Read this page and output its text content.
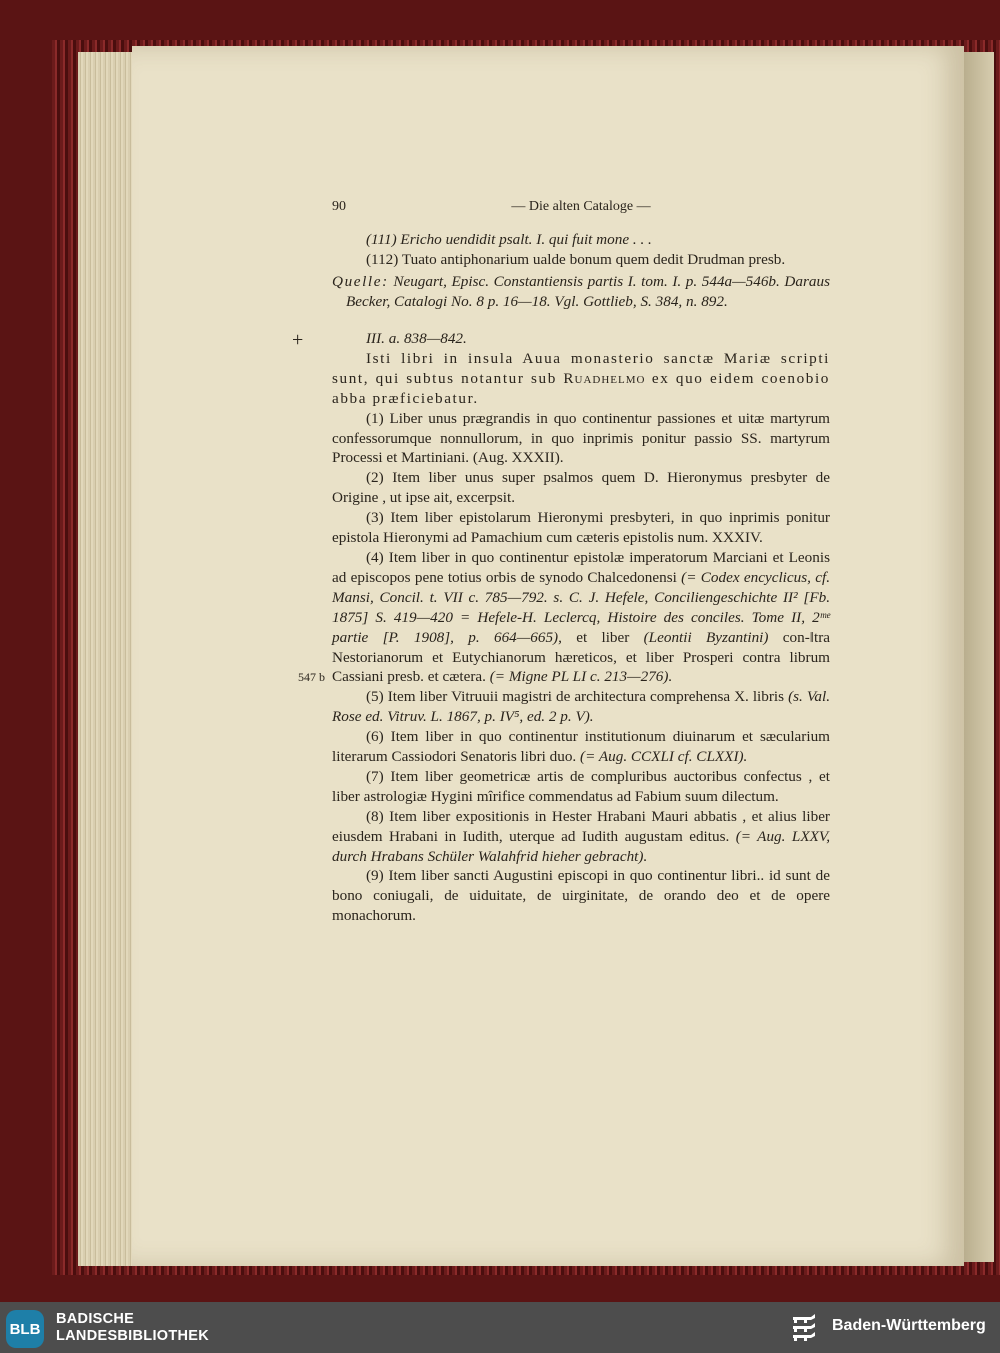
90	— Die alten Cataloge —

(111) Ericho uendidit psalt. I. qui fuit mone . . .

(112) Tuato antiphonarium ualde bonum quem dedit Drudman presb.

Quelle: Neugart, Episc. Constantiensis partis I. tom. I. p. 544a—546b. Daraus Becker, Catalogi No. 8 p. 16—18. Vgl. Gottlieb, S. 384, n. 892.

+	III. a. 838—842.

Isti libri in insula Auua monasterio sanctæ Mariæ scripti sunt, qui subtus notantur sub Ruadhelmo ex quo eidem coenobio abba præficiebatur.

(1) Liber unus prægrandis in quo continentur passiones et uitæ martyrum confessorumque nonnullorum, in quo inprimis ponitur passio SS. martyrum Processi et Martiniani. (Aug. XXXII).

(2) Item liber unus super psalmos quem D. Hieronymus presbyter de Origine , ut ipse ait, excerpsit.

(3) Item liber epistolarum Hieronymi presbyteri, in quo inprimis ponitur epistola Hieronymi ad Pamachium cum cæteris epistolis num. XXXIV.

(4) Item liber in quo continentur epistolæ imperatorum Marciani et Leonis ad episcopos pene totius orbis de synodo Chalcedonensi (= Codex encyclicus, cf. Mansi, Concil. t. VII c. 785—792. s. C. J. Hefele, Conciliengeschichte II² [Fb. 1875] S. 419—420 = Hefele-H. Leclercq, Histoire des conciles. Tome II, 2ᵐᵉ partie [P. 1908], p. 664—665), et liber (Leontii Byzantini) con-‖tra Nestorianorum et Eutychianorum hæreticos, et liber Prosperi contra librum Cassiani presb. et cætera. (= Migne PL LI c. 213—276).

(5) Item liber Vitruuii magistri de architectura comprehensa X. libris (s. Val. Rose ed. Vitruv. L. 1867, p. IV⁵, ed. 2 p. V).

(6) Item liber in quo continentur institutionum diuinarum et sæcularium literarum Cassiodori Senatoris libri duo. (= Aug. CCXLI cf. CLXXI).

(7) Item liber geometricæ artis de compluribus auctoribus confectus , et liber astrologiæ Hygini mîrifice commendatus ad Fabium suum dilectum.

(8) Item liber expositionis in Hester Hrabani Mauri abbatis , et alius liber eiusdem Hrabani in Iudith, uterque ad Iudith augustam editus. (= Aug. LXXV, durch Hrabans Schüler Walahfrid hieher gebracht).

(9) Item liber sancti Augustini episcopi in quo continentur libri.. id sunt de bono coniugali, de uiduitate, de uirginitate, de orando deo et de opere monachorum.

547 b
BLB
BADISCHE
LANDESBIBLIOTHEK
Baden-Württemberg
